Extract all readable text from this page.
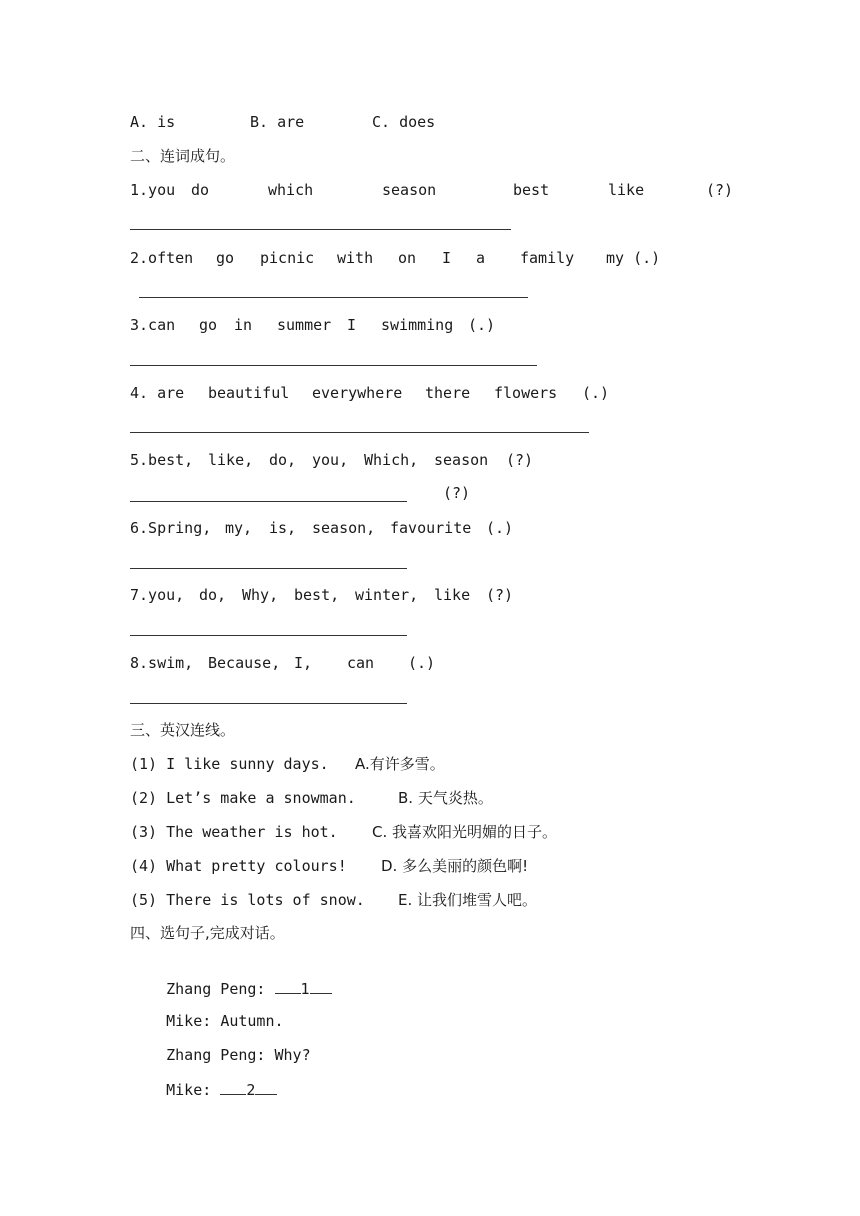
A. is

	B. are

	C. does

二、连词成句。

1.you

do

	which

	season

	best

	like

	(?)

2.often

go

picnic

with

on

I

a

family

my (.)

3.can

go

in

summer

I

swimming

(.)

4. are

beautiful

everywhere

there

flowers

(.)

5.best,

like,

do,

you,

Which,

season

(?)

(?)

6.Spring,

my,

is,

season,

favourite

(.)

7.you,

do,

Why,

best,

winter,

like

(?)

8.swim,

Because,

I,

can

(.)

三、英汉连线。

(1) I like sunny days.

A.有许多雪。

(2) Let’s make a snowman.

	B. 天气炎热。

(3) The weather is hot.

C. 我喜欢阳光明媚的日子。

(4) What pretty colours!

D. 多么美丽的颜色啊!

(5) There is lots of snow.

E. 让我们堆雪人吧。

四、选句子,完成对话。

Zhang Peng: 1

Mike: Autumn.

Zhang Peng: Why?

Mike: 2
